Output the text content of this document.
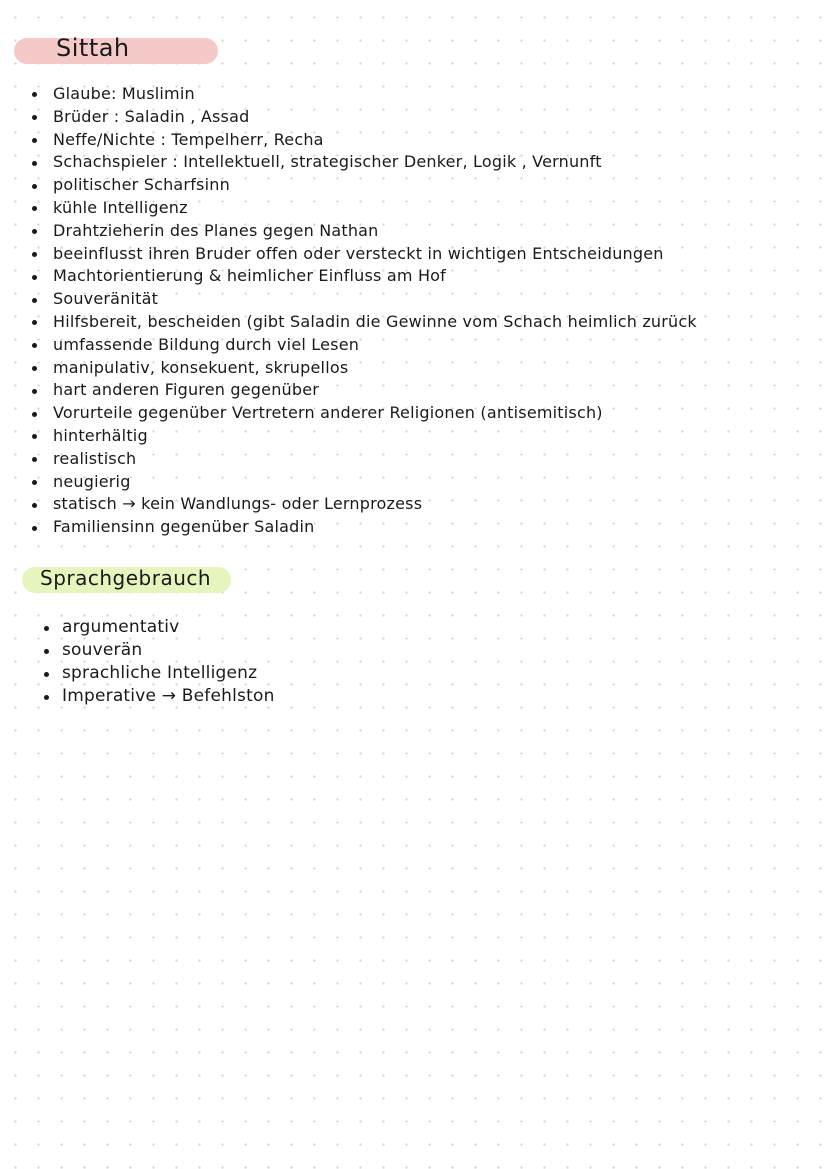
Sittah
Glaube: Muslimin
Brüder : Saladin , Assad
Neffe/Nichte : Tempelherr, Recha
Schachspieler : Intellektuell, strategischer Denker, Logik , Vernunft
politischer Scharfsinn
kühle Intelligenz
Drahtzieherin des Planes gegen Nathan
beeinflusst ihren Bruder offen oder versteckt in wichtigen Entscheidungen
Machtorientierung & heimlicher Einfluss am Hof
Souveränität
Hilfsbereit, bescheiden (gibt Saladin die Gewinne vom Schach heimlich zurück
umfassende Bildung durch viel Lesen
manipulativ, konsekuent, skrupellos
hart anderen Figuren gegenüber
Vorurteile gegenüber Vertretern anderer Religionen (antisemitisch)
hinterhältig
realistisch
neugierig
statisch → kein Wandlungs- oder Lernprozess
Familiensinn gegenüber Saladin
Sprachgebrauch
argumentativ
souverän
sprachliche Intelligenz
Imperative → Befehlston
